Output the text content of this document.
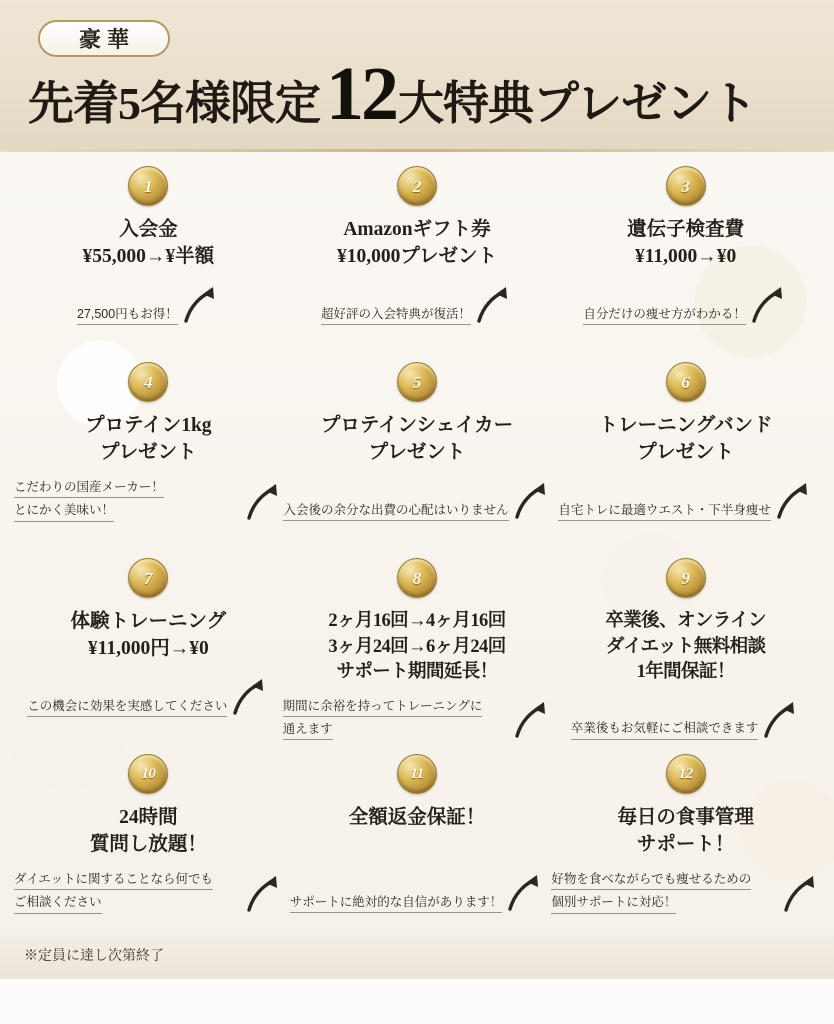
豪華
先着5名様限定 12 大特典プレゼント
1
入会金
¥55,000→¥半額
27,500円もお得！
2
Amazonギフト券
¥10,000プレゼント
超好評の入会特典が復活！
3
遺伝子検査費
¥11,000→¥0
自分だけの痩せ方がわかる！
4
プロテイン1kg
プレゼント
こだわりの国産メーカー！とにかく美味い！
5
プロテインシェイカー
プレゼント
入会後の余分な出費の心配はいりません
6
トレーニングバンド
プレゼント
自宅トレに最適ウエスト・下半身痩せ
7
体験トレーニング
¥11,000円→¥0
この機会に効果を実感してください
8
2ヶ月16回→4ヶ月16回
3ヶ月24回→6ヶ月24回
サポート期間延長！
期間に余裕を持ってトレーニングに通えます
9
卒業後、オンライン
ダイエット無料相談
1年間保証！
卒業後もお気軽にご相談できます
10
24時間
質問し放題！
ダイエットに関することなら何でもご相談ください
11
全額返金保証！
サポートに絶対的な自信があります！
12
毎日の食事管理
サポート！
好物を食べながらでも痩せるための個別サポートに対応！
※定員に達し次第終了
